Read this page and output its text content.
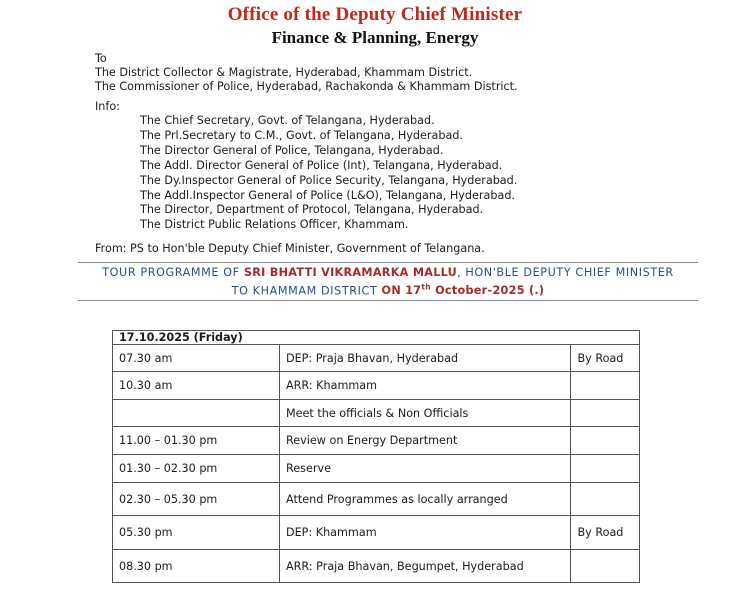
Office of the Deputy Chief Minister
Finance & Planning, Energy
To
The District Collector & Magistrate, Hyderabad, Khammam District.
The Commissioner of Police, Hyderabad, Rachakonda & Khammam District.
Info:
The Chief Secretary, Govt. of Telangana, Hyderabad.
The Prl.Secretary to C.M., Govt. of Telangana, Hyderabad.
The Director General of Police, Telangana, Hyderabad.
The Addl. Director General of Police (Int), Telangana, Hyderabad.
The Dy.Inspector General of Police Security, Telangana, Hyderabad.
The Addl.Inspector General of Police (L&O), Telangana, Hyderabad.
The Director, Department of Protocol, Telangana, Hyderabad.
The District Public Relations Officer, Khammam.
From: PS to Hon'ble Deputy Chief Minister, Government of Telangana.
TOUR PROGRAMME OF SRI BHATTI VIKRAMARKA MALLU, HON'BLE DEPUTY CHIEF MINISTER
TO KHAMMAM DISTRICT ON 17th October-2025 (.)
17.10.2025 (Friday)		
07.30 am	DEP: Praja Bhavan, Hyderabad	By Road
10.30 am	ARR: Khammam	
	Meet the officials & Non Officials	
11.00 – 01.30 pm	Review on Energy Department	
01.30 – 02.30 pm	Reserve	
02.30 – 05.30 pm	Attend Programmes as locally arranged	
05.30 pm	DEP: Khammam	By Road
08.30 pm	ARR: Praja Bhavan, Begumpet, Hyderabad	
